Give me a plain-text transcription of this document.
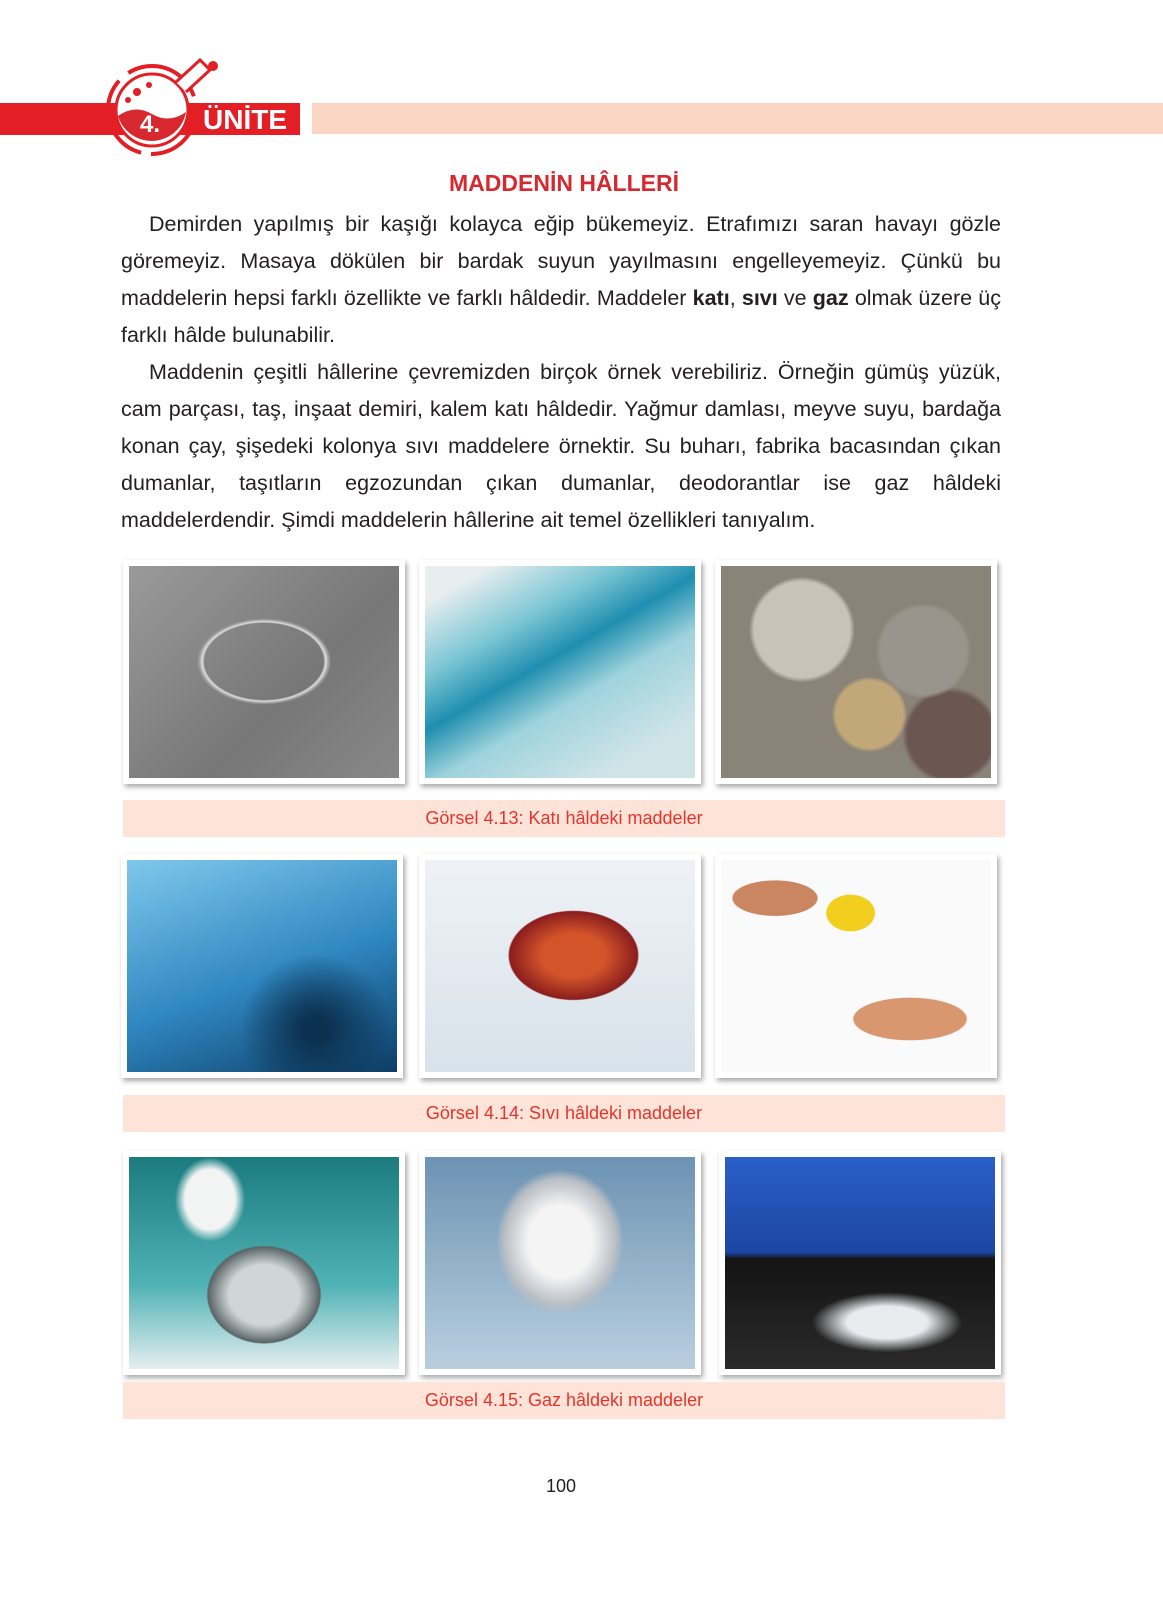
4. ÜNİTE
MADDENİN HÂLLERİ

Demirden yapılmış bir kaşığı kolayca eğip bükemeyiz. Etrafımızı saran havayı gözle göremeyiz. Masaya dökülen bir bardak suyun yayılmasını engelleyemeyiz. Çünkü bu maddelerin hepsi farklı özellikte ve farklı hâldedir. Maddeler katı, sıvı ve gaz olmak üzere üç farklı hâlde bulunabilir.

Maddenin çeşitli hâllerine çevremizden birçok örnek verebiliriz. Örneğin gümüş yüzük, cam parçası, taş, inşaat demiri, kalem katı hâldedir. Yağmur damlası, meyve suyu, bardağa konan çay, şişedeki kolonya sıvı maddelere örnektir. Su buharı, fabrika bacasından çıkan dumanlar, taşıtların egzozundan çıkan dumanlar, deodorantlar ise gaz hâldeki maddelerdendir. Şimdi maddelerin hâllerine ait temel özellikleri tanıyalım.

Görsel 4.13: Katı hâldeki maddeler
Görsel 4.14: Sıvı hâldeki maddeler
Görsel 4.15: Gaz hâldeki maddeler
100
